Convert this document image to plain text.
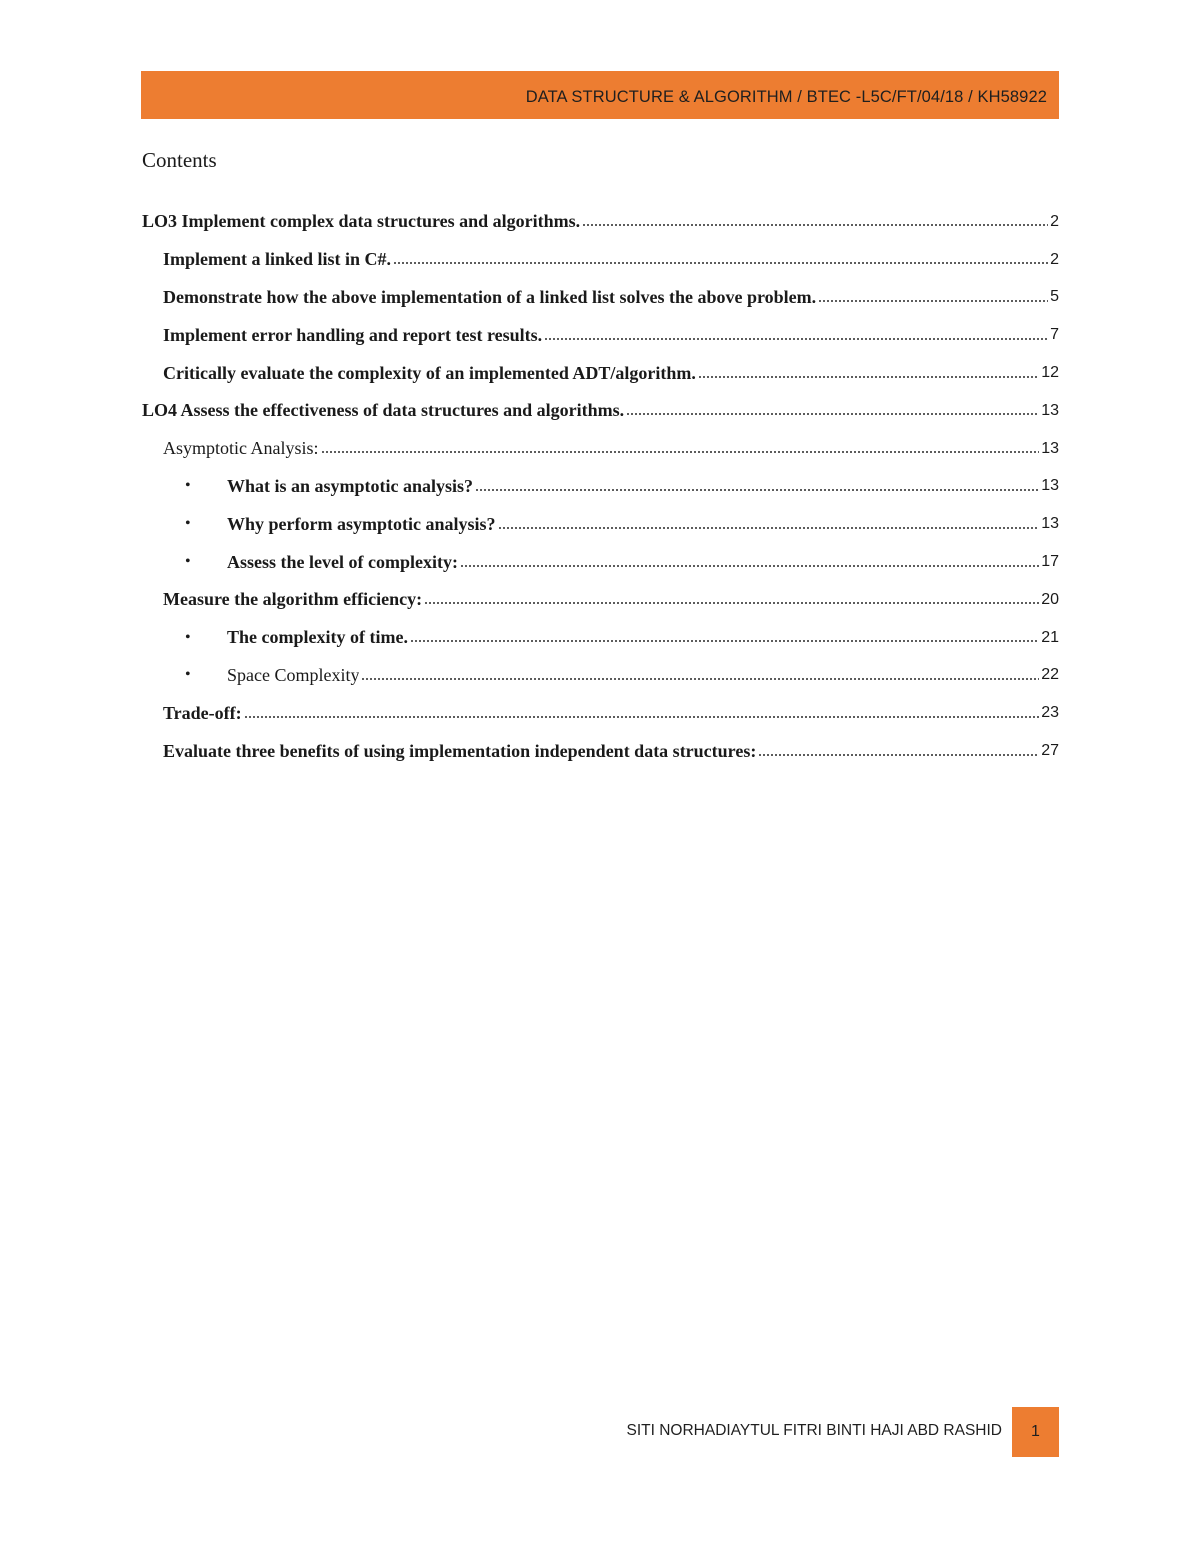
DATA STRUCTURE & ALGORITHM / BTEC -L5C/FT/04/18 / KH58922
Contents
LO3 Implement complex data structures and algorithms.	2
Implement a linked list in C#.	2
Demonstrate how the above implementation of a linked list solves the above problem.	5
Implement error handling and report test results.	7
Critically evaluate the complexity of an implemented ADT/algorithm.	12
LO4 Assess the effectiveness of data structures and algorithms.	13
Asymptotic Analysis:	13
•	What is an asymptotic analysis?	13
•	Why perform asymptotic analysis?	13
•	Assess the level of complexity:	17
Measure the algorithm efficiency:	20
•	The complexity of time.	21
•	Space Complexity	22
Trade-off:	23
Evaluate three benefits of using implementation independent data structures:	27
SITI NORHADIAYTUL FITRI BINTI HAJI ABD RASHID 1
